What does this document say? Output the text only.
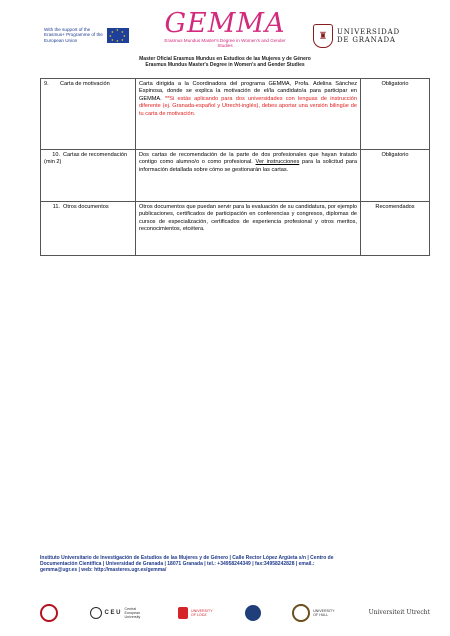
With the support of the Erasmus+ Programme of the European Union
★ ★
★
★
★
★
★
★ GEMMA
Erasmus Mundus Master's Degree in Women's and Gender Studies
♜	UNIVERSIDAD
DE GRANADA
Master Oficial Erasmus Mundus en Estudios de las Mujeres y de Género
Erasmus Mundus Master's Degree in Women's and Gender Studies
9. Carta de motivación	Carta dirigida a la Coordinadora del programa GEMMA, Profa. Adelina Sánchez Espinosa, donde se explica la motivación de el/la candidato/a para participar en GEMMA. **Si estás aplicando para dos universidades con lenguas de instrucción diferente (ej. Granada-español y Utrecht-inglés), debes aportar una versión bilingüe de tu carta de motivación.	Obligatorio
10. Cartas de recomendación (min 2)	Dos cartas de recomendación de la parte de dos profesionales que hayan tratado contigo como alumno/o o como profesional. Ver instrucciones para la solicitud para información detallada sobre cómo se gestionarán las cartas.	Obligatorio
11. Otros documentos	Otros documentos que puedan servir para la evaluación de su candidatura, por ejemplo publicaciones, certificados de participación en conferencias y congresos, diplomas de cursos de especialización, certificados de experiencia profesional y otros meritos, reconocimientos, etcétera.	Recomendados
Instituto Universitario de Investigación de Estudios de las Mujeres y de Género | Calle Rector López Argüeta s/n | Centro de
Documentación Científica | Universidad de Granada | 18071 Granada | tel.: +34958244349 | fax:34958242828 | email.:
gemma@ugr.es | web: http://masteres.ugr.es/gemma/
C E U
Central European University
UNIVERSITY OF LODZ
UNIVERSITY OF HULL	Universiteit Utrecht
